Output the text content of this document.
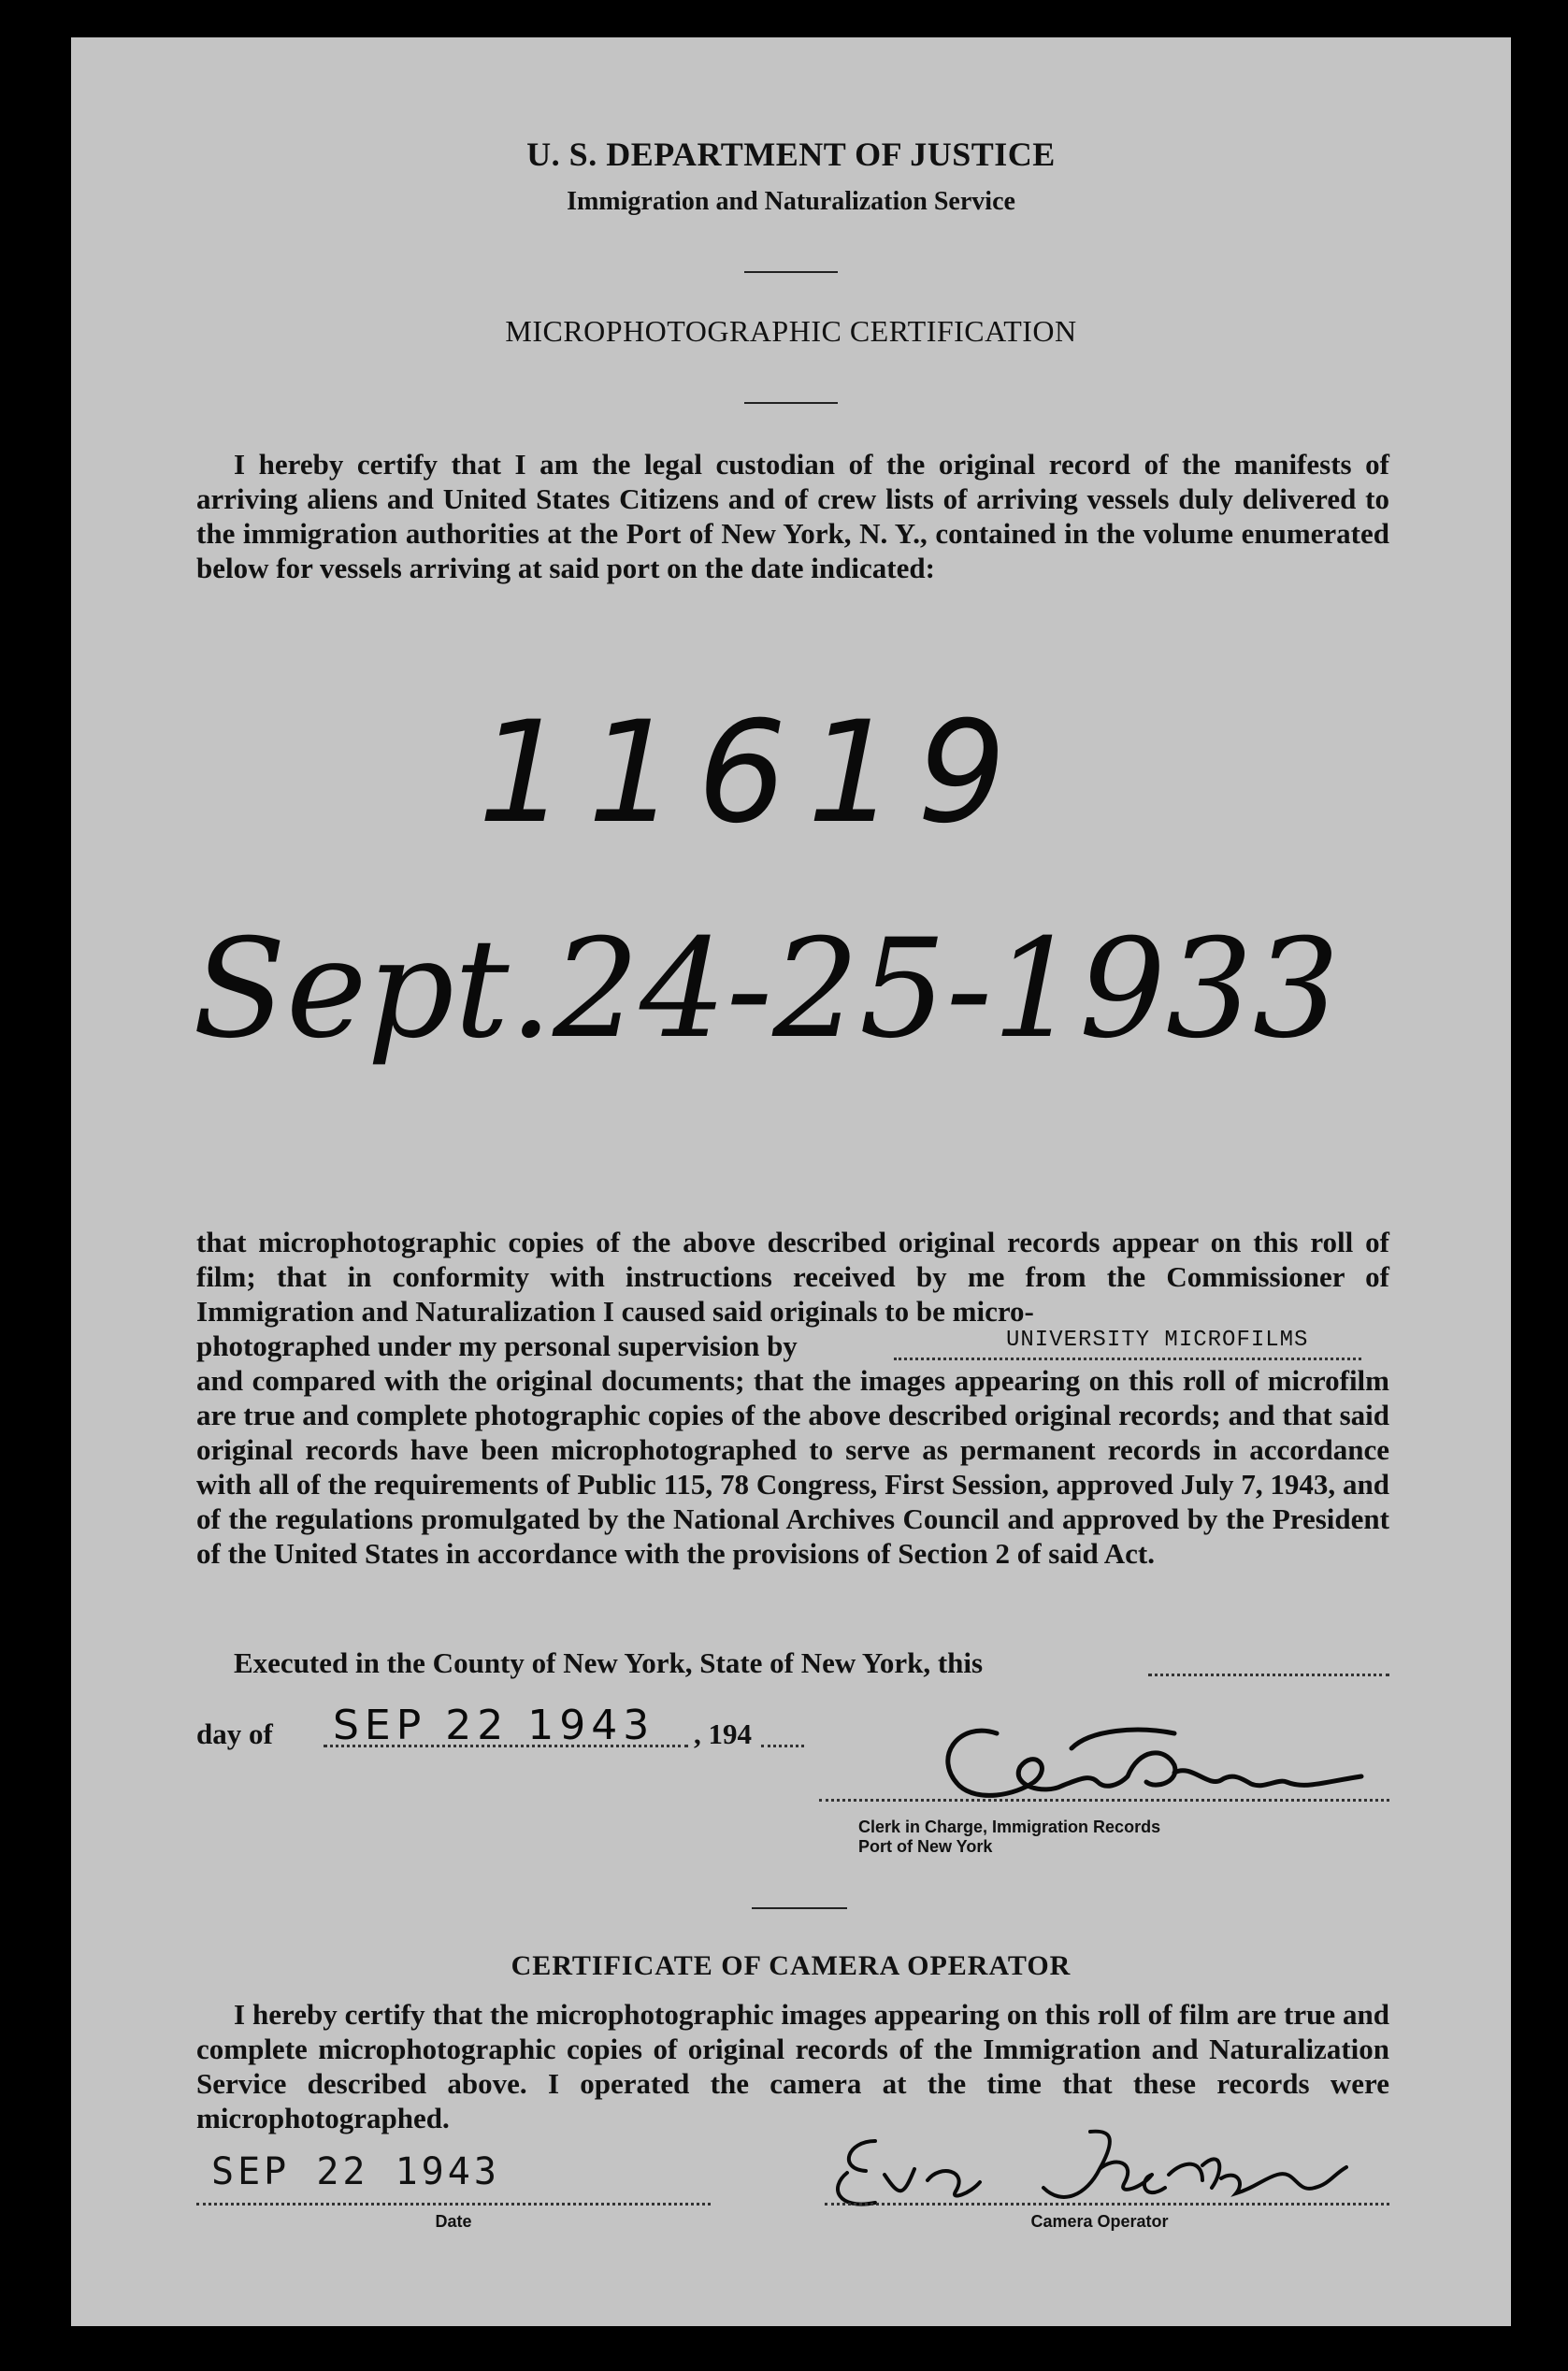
U. S. DEPARTMENT OF JUSTICE
Immigration and Naturalization Service
MICROPHOTOGRAPHIC CERTIFICATION
I hereby certify that I am the legal custodian of the original record of the manifests of arriving aliens and United States Citizens and of crew lists of arriving vessels duly delivered to the immigration authorities at the Port of New York, N. Y., contained in the volume enumerated below for vessels arriving at said port on the date indicated:
11619
Sept.24-25-1933
that microphotographic copies of the above described original records appear on this roll of film; that in conformity with instructions received by me from the Commissioner of Immigration and Naturalization I caused said originals to be micro-
photographed under my personal supervision by	UNIVERSITY MICROFILMS
and compared with the original documents; that the images appearing on this roll of microfilm are true and complete photographic copies of the above described original records; and that said original records have been microphotographed to serve as permanent records in accordance with all of the requirements of Public 115, 78 Congress, First Session, approved July 7, 1943, and of the regulations promulgated by the National Archives Council and approved by the President of the United States in accordance with the provisions of Section 2 of said Act.
Executed in the County of New York, State of New York, this
day of	, 194
SEP 22 1943
Clerk in Charge, Immigration Records
Port of New York
CERTIFICATE OF CAMERA OPERATOR
I hereby certify that the microphotographic images appearing on this roll of film are true and complete microphotographic copies of original records of the Immigration and Naturalization Service described above. I operated the camera at the time that these records were microphotographed.
SEP 22 1943
Date	Camera Operator
